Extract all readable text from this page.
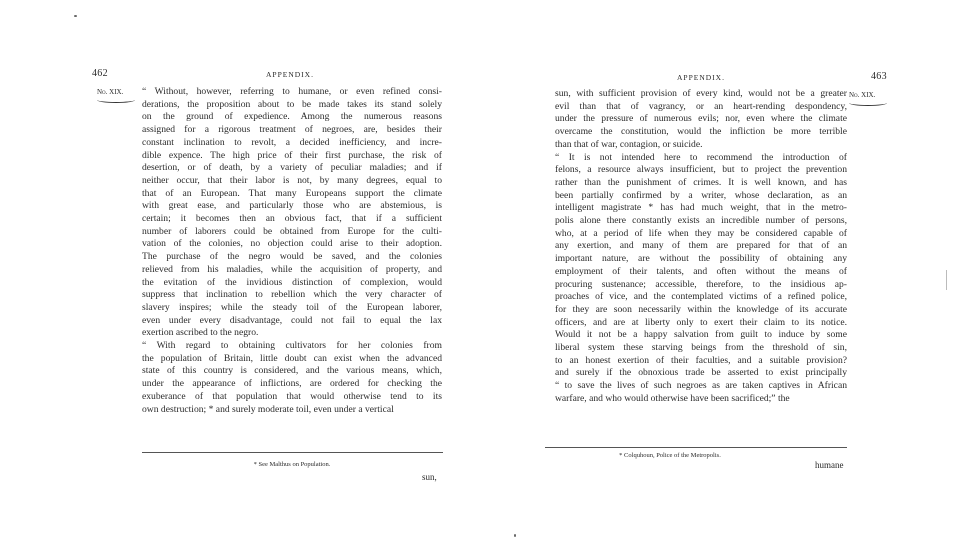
462	APPENDIX.
No. XIX.	“ Without, however, referring to humane, or even refined consi-
derations, the proposition about to be made takes its stand solely
on the ground of expedience. Among the numerous reasons
assigned for a rigorous treatment of negroes, are, besides their
constant inclination to revolt, a decided inefficiency, and incre-
dible expence. The high price of their first purchase, the risk of
desertion, or of death, by a variety of peculiar maladies; and if
neither occur, that their labor is not, by many degrees, equal to
that of an European. That many Europeans support the climate
with great ease, and particularly those who are abstemious, is
certain; it becomes then an obvious fact, that if a sufficient
number of laborers could be obtained from Europe for the culti-
vation of the colonies, no objection could arise to their adoption.
The purchase of the negro would be saved, and the colonies
relieved from his maladies, while the acquisition of property, and
the evitation of the invidious distinction of complexion, would
suppress that inclination to rebellion which the very character of
slavery inspires; while the steady toil of the European laborer,
even under every disadvantage, could not fail to equal the lax
exertion ascribed to the negro.
“ With regard to obtaining cultivators for her colonies from
the population of Britain, little doubt can exist when the advanced
state of this country is considered, and the various means, which,
under the appearance of inflictions, are ordered for checking the
exuberance of that population that would otherwise tend to its
own destruction; * and surely moderate toil, even under a vertical
* See Malthus on Population.
sun,
APPENDIX.	463
No. XIX.
sun, with sufficient provision of every kind, would not be a greater
evil than that of vagrancy, or an heart-rending despondency,
under the pressure of numerous evils; nor, even where the climate
overcame the constitution, would the infliction be more terrible
than that of war, contagion, or suicide.
“ It is not intended here to recommend the introduction of
felons, a resource always insufficient, but to project the prevention
rather than the punishment of crimes. It is well known, and has
been partially confirmed by a writer, whose declaration, as an
intelligent magistrate * has had much weight, that in the metro-
polis alone there constantly exists an incredible number of persons,
who, at a period of life when they may be considered capable of
any exertion, and many of them are prepared for that of an
important nature, are without the possibility of obtaining any
employment of their talents, and often without the means of
procuring sustenance; accessible, therefore, to the insidious ap-
proaches of vice, and the contemplated victims of a refined police,
for they are soon necessarily within the knowledge of its accurate
officers, and are at liberty only to exert their claim to its notice.
Would it not be a happy salvation from guilt to induce by some
liberal system these starving beings from the threshold of sin,
to an honest exertion of their faculties, and a suitable provision?
and surely if the obnoxious trade be asserted to exist principally
“ to save the lives of such negroes as are taken captives in African
warfare, and who would otherwise have been sacrificed;” the
* Colquhoun, Police of the Metropolis.
humane
